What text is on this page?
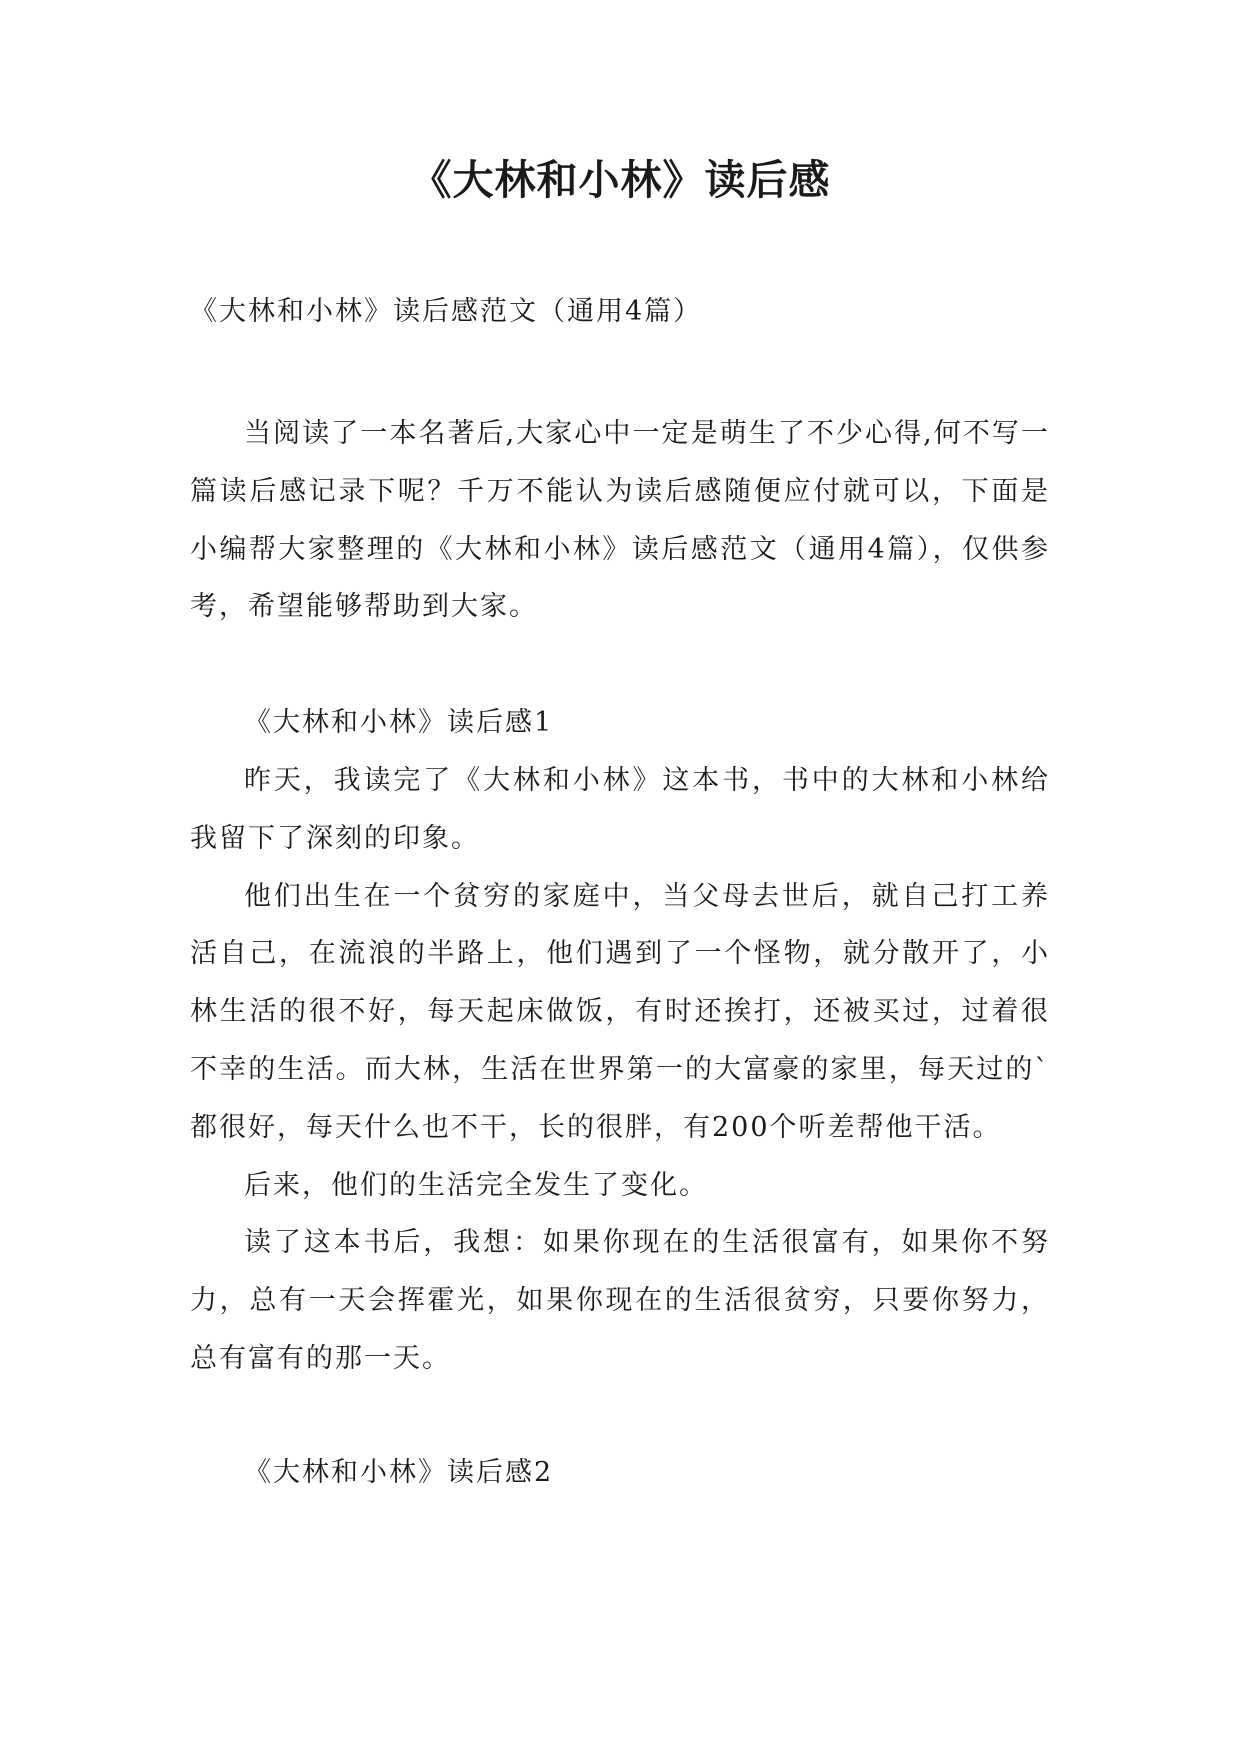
《大林和小林》读后感
《大林和小林》读后感范文（通用4篇）

当阅读了一本名著后,大家心中一定是萌生了不少心得,何不写一篇读后感记录下呢？千万不能认为读后感随便应付就可以，下面是小编帮大家整理的《大林和小林》读后感范文（通用4篇），仅供参考，希望能够帮助到大家。

《大林和小林》读后感1

昨天，我读完了《大林和小林》这本书，书中的大林和小林给我留下了深刻的印象。

他们出生在一个贫穷的家庭中，当父母去世后，就自己打工养活自己，在流浪的半路上，他们遇到了一个怪物，就分散开了，小林生活的很不好，每天起床做饭，有时还挨打，还被买过，过着很不幸的生活。而大林，生活在世界第一的大富豪的家里，每天过的`都很好，每天什么也不干，长的很胖，有200个听差帮他干活。

后来，他们的生活完全发生了变化。

读了这本书后，我想：如果你现在的生活很富有，如果你不努力，总有一天会挥霍光，如果你现在的生活很贫穷，只要你努力，总有富有的那一天。

《大林和小林》读后感2
